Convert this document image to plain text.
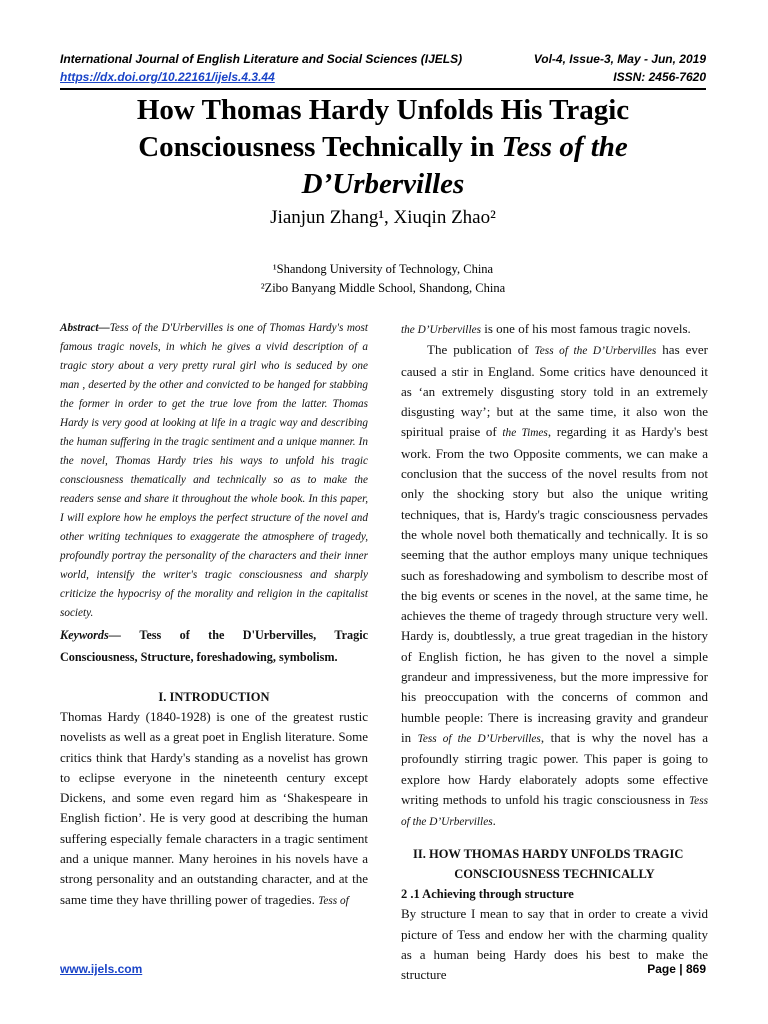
International Journal of English Literature and Social Sciences (IJELS)	Vol-4, Issue-3, May - Jun, 2019
https://dx.doi.org/10.22161/ijels.4.3.44	ISSN: 2456-7620
How Thomas Hardy Unfolds His Tragic
Consciousness Technically in Tess of the
D’Urbervilles
Jianjun Zhang¹, Xiuqin Zhao²
¹Shandong University of Technology, China
²Zibo Banyang Middle School, Shandong, China

Abstract—Tess of the D'Urbervilles is one of Thomas Hardy's most famous tragic novels, in which he gives a vivid description of a tragic story about a very pretty rural girl who is seduced by one man , deserted by the other and convicted to be hanged for stabbing the former in order to get the true love from the latter. Thomas Hardy is very good at looking at life in a tragic way and describing the human suffering in the tragic sentiment and a unique manner. In the novel, Thomas Hardy tries his ways to unfold his tragic consciousness thematically and technically so as to make the readers sense and share it throughout the whole book. In this paper, I will explore how he employs the perfect structure of the novel and other writing techniques to exaggerate the atmosphere of tragedy, profoundly portray the personality of the characters and their inner world, intensify the writer's tragic consciousness and sharply criticize the hypocrisy of the morality and religion in the capitalist society.

Keywords— Tess of the D'Urbervilles, Tragic Consciousness, Structure, foreshadowing, symbolism.

I. INTRODUCTION

Thomas Hardy (1840-1928) is one of the greatest rustic novelists as well as a great poet in English literature. Some critics think that Hardy's standing as a novelist has grown to eclipse everyone in the nineteenth century except Dickens, and some even regard him as ‘Shakespeare in English fiction’. He is very good at describing the human suffering especially female characters in a tragic sentiment and a unique manner. Many heroines in his novels have a strong personality and an outstanding character, and at the same time they have thrilling power of tragedies. Tess of

the D’Urbervilles is one of his most famous tragic novels.

The publication of Tess of the D’Urbervilles has ever caused a stir in England. Some critics have denounced it as ‘an extremely disgusting story told in an extremely disgusting way’; but at the same time, it also won the spiritual praise of the Times, regarding it as Hardy's best work. From the two Opposite comments, we can make a conclusion that the success of the novel results from not only the shocking story but also the unique writing techniques, that is, Hardy's tragic consciousness pervades the whole novel both thematically and technically. It is so seeming that the author employs many unique techniques such as foreshadowing and symbolism to describe most of the big events or scenes in the novel, at the same time, he achieves the theme of tragedy through structure very well. Hardy is, doubtlessly, a true great tragedian in the history of English fiction, he has given to the novel a simple grandeur and impressiveness, but the more impressive for his preoccupation with the concerns of common and humble people: There is increasing gravity and grandeur in Tess of the D’Urbervilles, that is why the novel has a profoundly stirring tragic power. This paper is going to explore how Hardy elaborately adopts some effective writing methods to unfold his tragic consciousness in Tess of the D’Urbervilles.

II. HOW THOMAS HARDY UNFOLDS TRAGIC
CONSCIOUSNESS TECHNICALLY

2 .1 Achieving through structure

By structure I mean to say that in order to create a vivid picture of Tess and endow her with the charming quality as a human being Hardy does his best to make the structure

www.ijels.com	Page | 869
